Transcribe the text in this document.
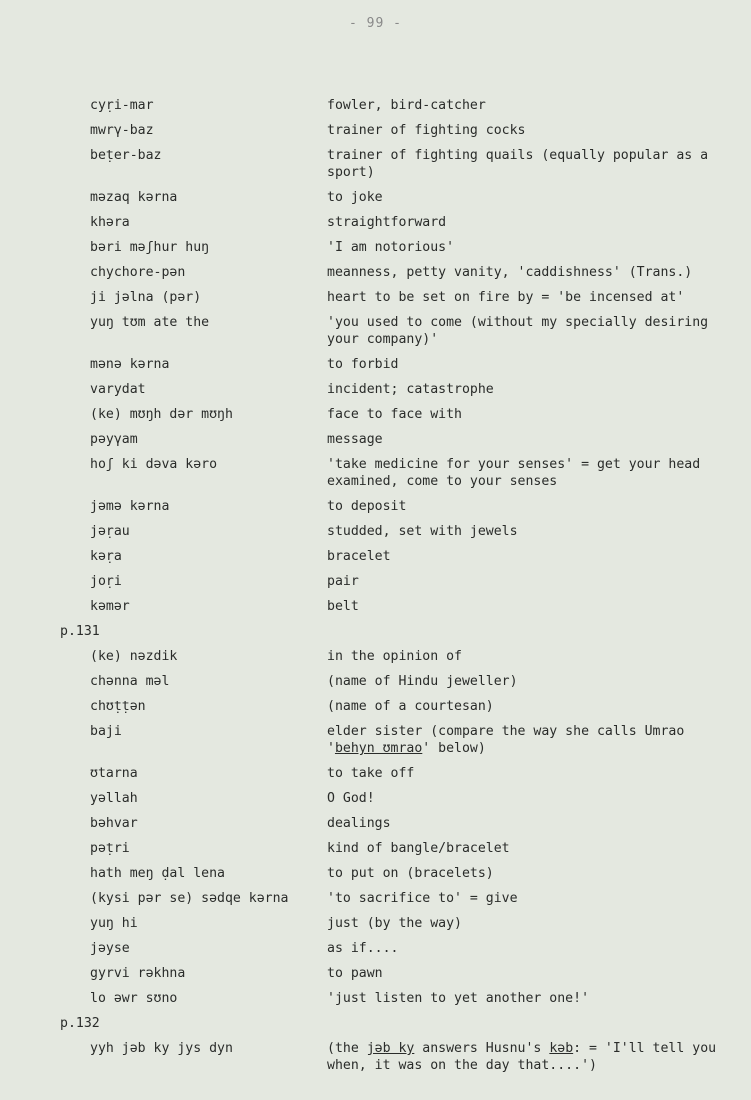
- 99 -
cyṛi-mar	fowler, bird-catcher
mwrγ-baz	trainer of fighting cocks
beṭer-baz	trainer of fighting quails (equally popular as a sport)
məzaq kərna	to joke
khəra	straightforward
bəri məʃhur huŋ	'I am notorious'
chychore-pən	meanness, petty vanity, 'caddishness' (Trans.)
ji jəlna (pər)	heart to be set on fire by = 'be incensed at'
yuŋ tʊm ate the	'you used to come (without my specially desiring your company)'
mənə kərna	to forbid
varydat	incident; catastrophe
(ke) mʊŋh dər mʊŋh	face to face with
pəyγam	message
hoʃ ki dəva kəro	'take medicine for your senses' = get your head examined, come to your senses
jəmə kərna	to deposit
jəṛau	studded, set with jewels
kəṛa	bracelet
joṛi	pair
kəmər	belt
p.131
(ke) nəzdik	in the opinion of
chənna məl	(name of Hindu jeweller)
chʊṭṭən	(name of a courtesan)
baji	elder sister (compare the way she calls Umrao 'behyn ʊmrao' below)
ʊtarna	to take off
yəllah	O God!
bəhvar	dealings
pəṭri	kind of bangle/bracelet
hath meŋ ḍal lena	to put on (bracelets)
(kysi pər se) sədqe kərna	'to sacrifice to' = give
yuŋ hi	just (by the way)
jəyse	as if....
gyrvi rəkhna	to pawn
lo əwr sʊno	'just listen to yet another one!'
p.132
yyh jəb ky jys dyn	(the jəb ky answers Husnu's kəb: = 'I'll tell you when, it was on the day that....')
